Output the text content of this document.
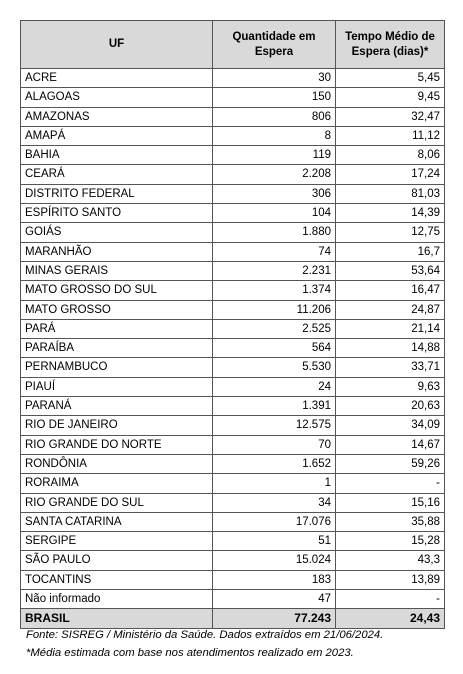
UF	Quantidade em Espera	Tempo Médio de Espera (dias)*
ACRE	30	5,45
ALAGOAS	150	9,45
AMAZONAS	806	32,47
AMAPÁ	8	11,12
BAHIA	119	8,06
CEARÁ	2.208	17,24
DISTRITO FEDERAL	306	81,03
ESPÍRITO SANTO	104	14,39
GOIÁS	1.880	12,75
MARANHÃO	74	16,7
MINAS GERAIS	2.231	53,64
MATO GROSSO DO SUL	1.374	16,47
MATO GROSSO	11.206	24,87
PARÁ	2.525	21,14
PARAÍBA	564	14,88
PERNAMBUCO	5.530	33,71
PIAUÍ	24	9,63
PARANÁ	1.391	20,63
RIO DE JANEIRO	12.575	34,09
RIO GRANDE DO NORTE	70	14,67
RONDÔNIA	1.652	59,26
RORAIMA	1	-
RIO GRANDE DO SUL	34	15,16
SANTA CATARINA	17.076	35,88
SERGIPE	51	15,28
SÃO PAULO	15.024	43,3
TOCANTINS	183	13,89
Não informado	47	-
BRASIL	77.243	24,43
Fonte: SISREG / Ministério da Saúde. Dados extraídos em 21/06/2024.
*Média estimada com base nos atendimentos realizado em 2023.
